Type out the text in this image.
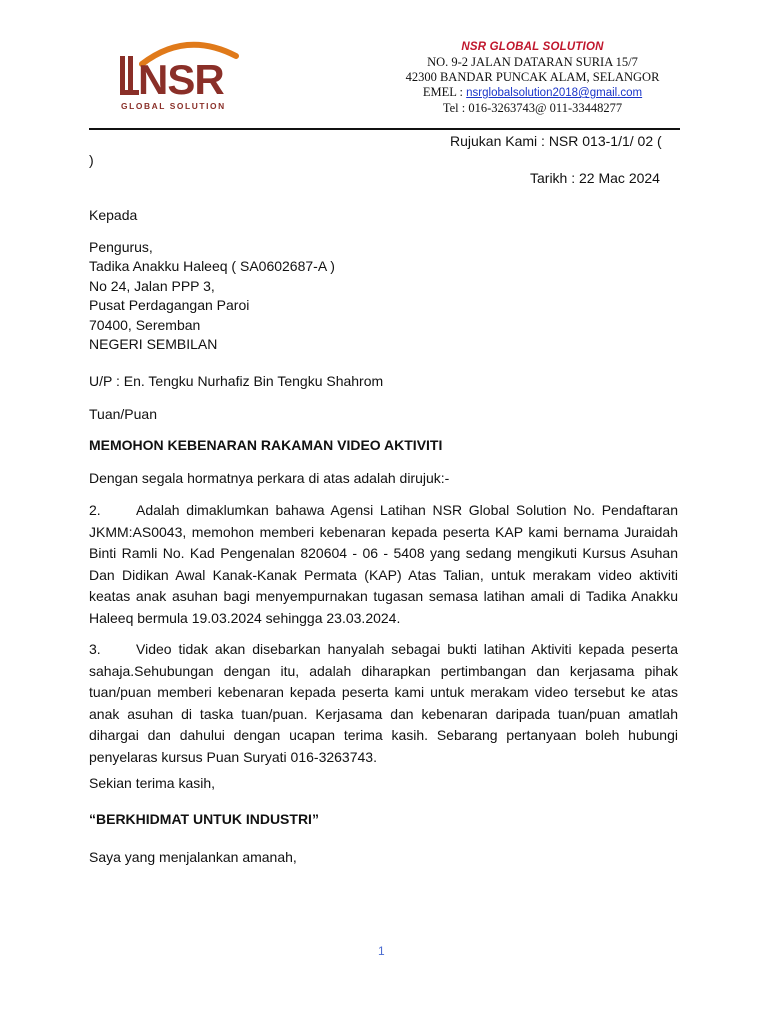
NSR
GLOBAL SOLUTION
NSR GLOBAL SOLUTION
NO. 9-2 JALAN DATARAN SURIA 15/7
42300 BANDAR PUNCAK ALAM, SELANGOR
EMEL : nsrglobalsolution2018@gmail.com
Tel : 016-3263743@ 011-33448277
Rujukan Kami : NSR 013-1/1/ 02 (
)
Tarikh : 22 Mac 2024
Kepada
Pengurus,
Tadika Anakku Haleeq ( SA0602687-A )
No 24, Jalan PPP 3,
Pusat Perdagangan Paroi
70400, Seremban
NEGERI SEMBILAN
U/P : En. Tengku Nurhafiz Bin Tengku Shahrom
Tuan/Puan
MEMOHON KEBENARAN RAKAMAN VIDEO AKTIVITI
Dengan segala hormatnya perkara di atas adalah dirujuk:-
2.	Adalah dimaklumkan bahawa Agensi Latihan NSR Global Solution No. Pendaftaran JKMM:AS0043, memohon memberi kebenaran kepada peserta KAP kami bernama Juraidah Binti Ramli No. Kad Pengenalan 820604 - 06 - 5408 yang sedang mengikuti Kursus Asuhan Dan Didikan Awal Kanak-Kanak Permata (KAP) Atas Talian, untuk merakam video aktiviti keatas anak asuhan bagi menyempurnakan tugasan semasa latihan amali di Tadika Anakku Haleeq bermula 19.03.2024 sehingga 23.03.2024.
3.	Video tidak akan disebarkan hanyalah sebagai bukti latihan Aktiviti kepada peserta sahaja.Sehubungan dengan itu, adalah diharapkan pertimbangan dan kerjasama pihak tuan/puan memberi kebenaran kepada peserta kami untuk merakam video tersebut ke atas anak asuhan di taska tuan/puan. Kerjasama dan kebenaran daripada tuan/puan amatlah dihargai dan dahului dengan ucapan terima kasih. Sebarang pertanyaan boleh hubungi penyelaras kursus Puan Suryati 016-3263743.
Sekian terima kasih,
“BERKHIDMAT UNTUK INDUSTRI”
Saya yang menjalankan amanah,
1
